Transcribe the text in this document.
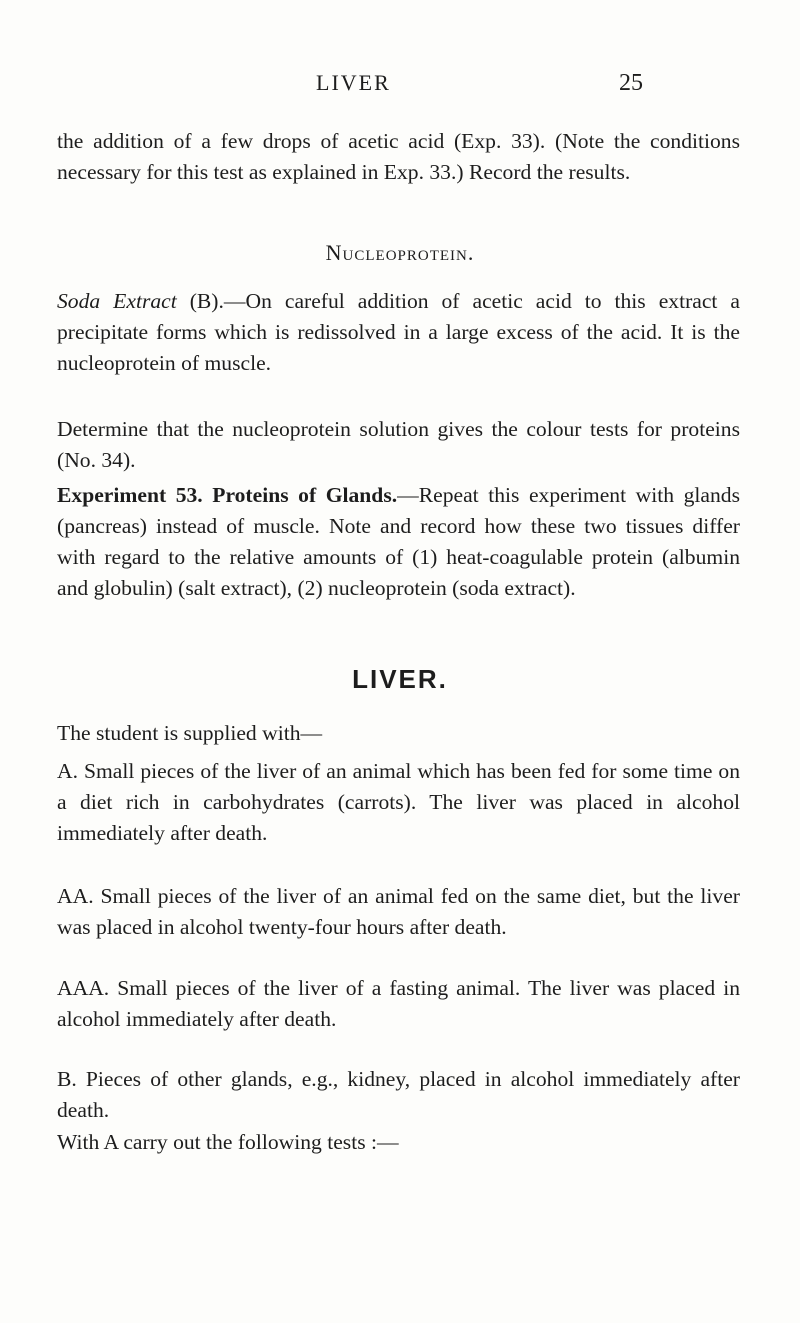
LIVER	25

the addition of a few drops of acetic acid (Exp. 33). (Note the conditions necessary for this test as explained in Exp. 33.) Record the results.

Nucleoprotein.

Soda Extract (B).—On careful addition of acetic acid to this extract a precipitate forms which is redissolved in a large excess of the acid. It is the nucleoprotein of muscle.

Determine that the nucleoprotein solution gives the colour tests for proteins (No. 34).

Experiment 53. Proteins of Glands.—Repeat this experiment with glands (pancreas) instead of muscle. Note and record how these two tissues differ with regard to the relative amounts of (1) heat-coagulable protein (albumin and globulin) (salt extract), (2) nucleoprotein (soda extract).

LIVER.

The student is supplied with—

A. Small pieces of the liver of an animal which has been fed for some time on a diet rich in carbohydrates (carrots). The liver was placed in alcohol immediately after death.

AA. Small pieces of the liver of an animal fed on the same diet, but the liver was placed in alcohol twenty-four hours after death.

AAA. Small pieces of the liver of a fasting animal. The liver was placed in alcohol immediately after death.

B. Pieces of other glands, e.g., kidney, placed in alcohol immediately after death.

With A carry out the following tests :—
